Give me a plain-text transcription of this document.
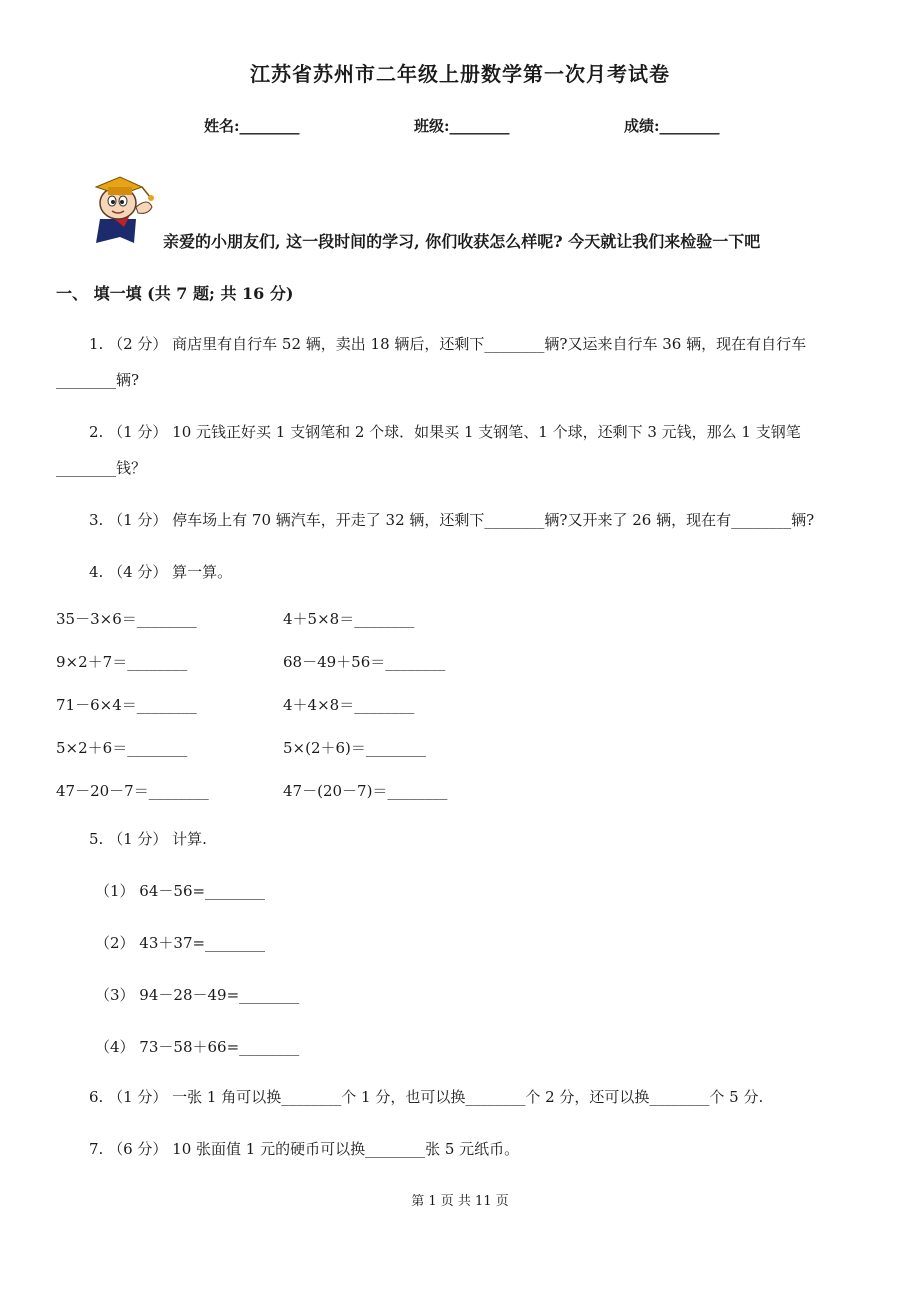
江苏省苏州市二年级上册数学第一次月考试卷
姓名:________	班级:________	成绩:________
亲爱的小朋友们, 这一段时间的学习, 你们收获怎么样呢? 今天就让我们来检验一下吧
一、 填一填 (共 7 题; 共 16 分)
1. （2 分） 商店里有自行车 52 辆，卖出 18 辆后，还剩下________辆?又运来自行车 36 辆，现在有自行车
________辆?
2. （1 分） 10 元钱正好买 1 支钢笔和 2 个球．如果买 1 支钢笔、1 个球，还剩下 3 元钱，那么 1 支钢笔
________钱？
3. （1 分） 停车场上有 70 辆汽车，开走了 32 辆，还剩下________辆?又开来了 26 辆，现在有________辆?
4. （4 分） 算一算。
35－3×6＝________	4＋5×8＝________
9×2＋7＝________	68－49＋56＝________
71－6×4＝________	4＋4×8＝________
5×2＋6＝________	5×(2＋6)＝________
47－20－7＝________	47－(20－7)＝________
5. （1 分） 计算.
（1） 64－56=________
（2） 43＋37=________
（3） 94－28－49=________
（4） 73－58＋66=________
6. （1 分） 一张 1 角可以换________个 1 分，也可以换________个 2 分，还可以换________个 5 分.
7. （6 分） 10 张面值 1 元的硬币可以换________张 5 元纸币。
第 1 页 共 11 页
